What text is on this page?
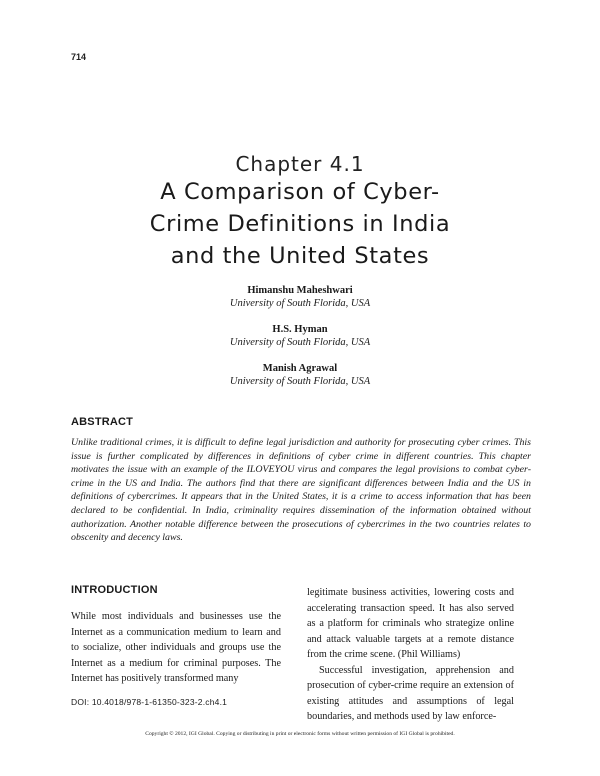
714
Chapter 4.1
A Comparison of Cyber-
Crime Definitions in India
and the United States
Himanshu Maheshwari
University of South Florida, USA
H.S. Hyman
University of South Florida, USA
Manish Agrawal
University of South Florida, USA
ABSTRACT
Unlike traditional crimes, it is difficult to define legal jurisdiction and authority for prosecuting cyber crimes. This issue is further complicated by differences in definitions of cyber crime in different countries. This chapter motivates the issue with an example of the ILOVEYOU virus and compares the legal provisions to combat cyber-crime in the US and India. The authors find that there are significant differences between India and the US in definitions of cybercrimes. It appears that in the United States, it is a crime to access information that has been declared to be confidential. In India, criminality requires dissemination of the information obtained without authorization. Another notable difference between the prosecutions of cybercrimes in the two countries relates to obscenity and decency laws.
INTRODUCTION

While most individuals and businesses use the Internet as a communication medium to learn and to socialize, other individuals and groups use the Internet as a medium for criminal purposes. The Internet has positively transformed many

legitimate business activities, lowering costs and accelerating transaction speed. It has also served as a platform for criminals who strategize online and attack valuable targets at a remote distance from the crime scene. (Phil Williams)

Successful investigation, apprehension and prosecution of cyber-crime require an extension of existing attitudes and assumptions of legal boundaries, and methods used by law enforce-

DOI: 10.4018/978-1-61350-323-2.ch4.1
Copyright © 2012, IGI Global. Copying or distributing in print or electronic forms without written permission of IGI Global is prohibited.
